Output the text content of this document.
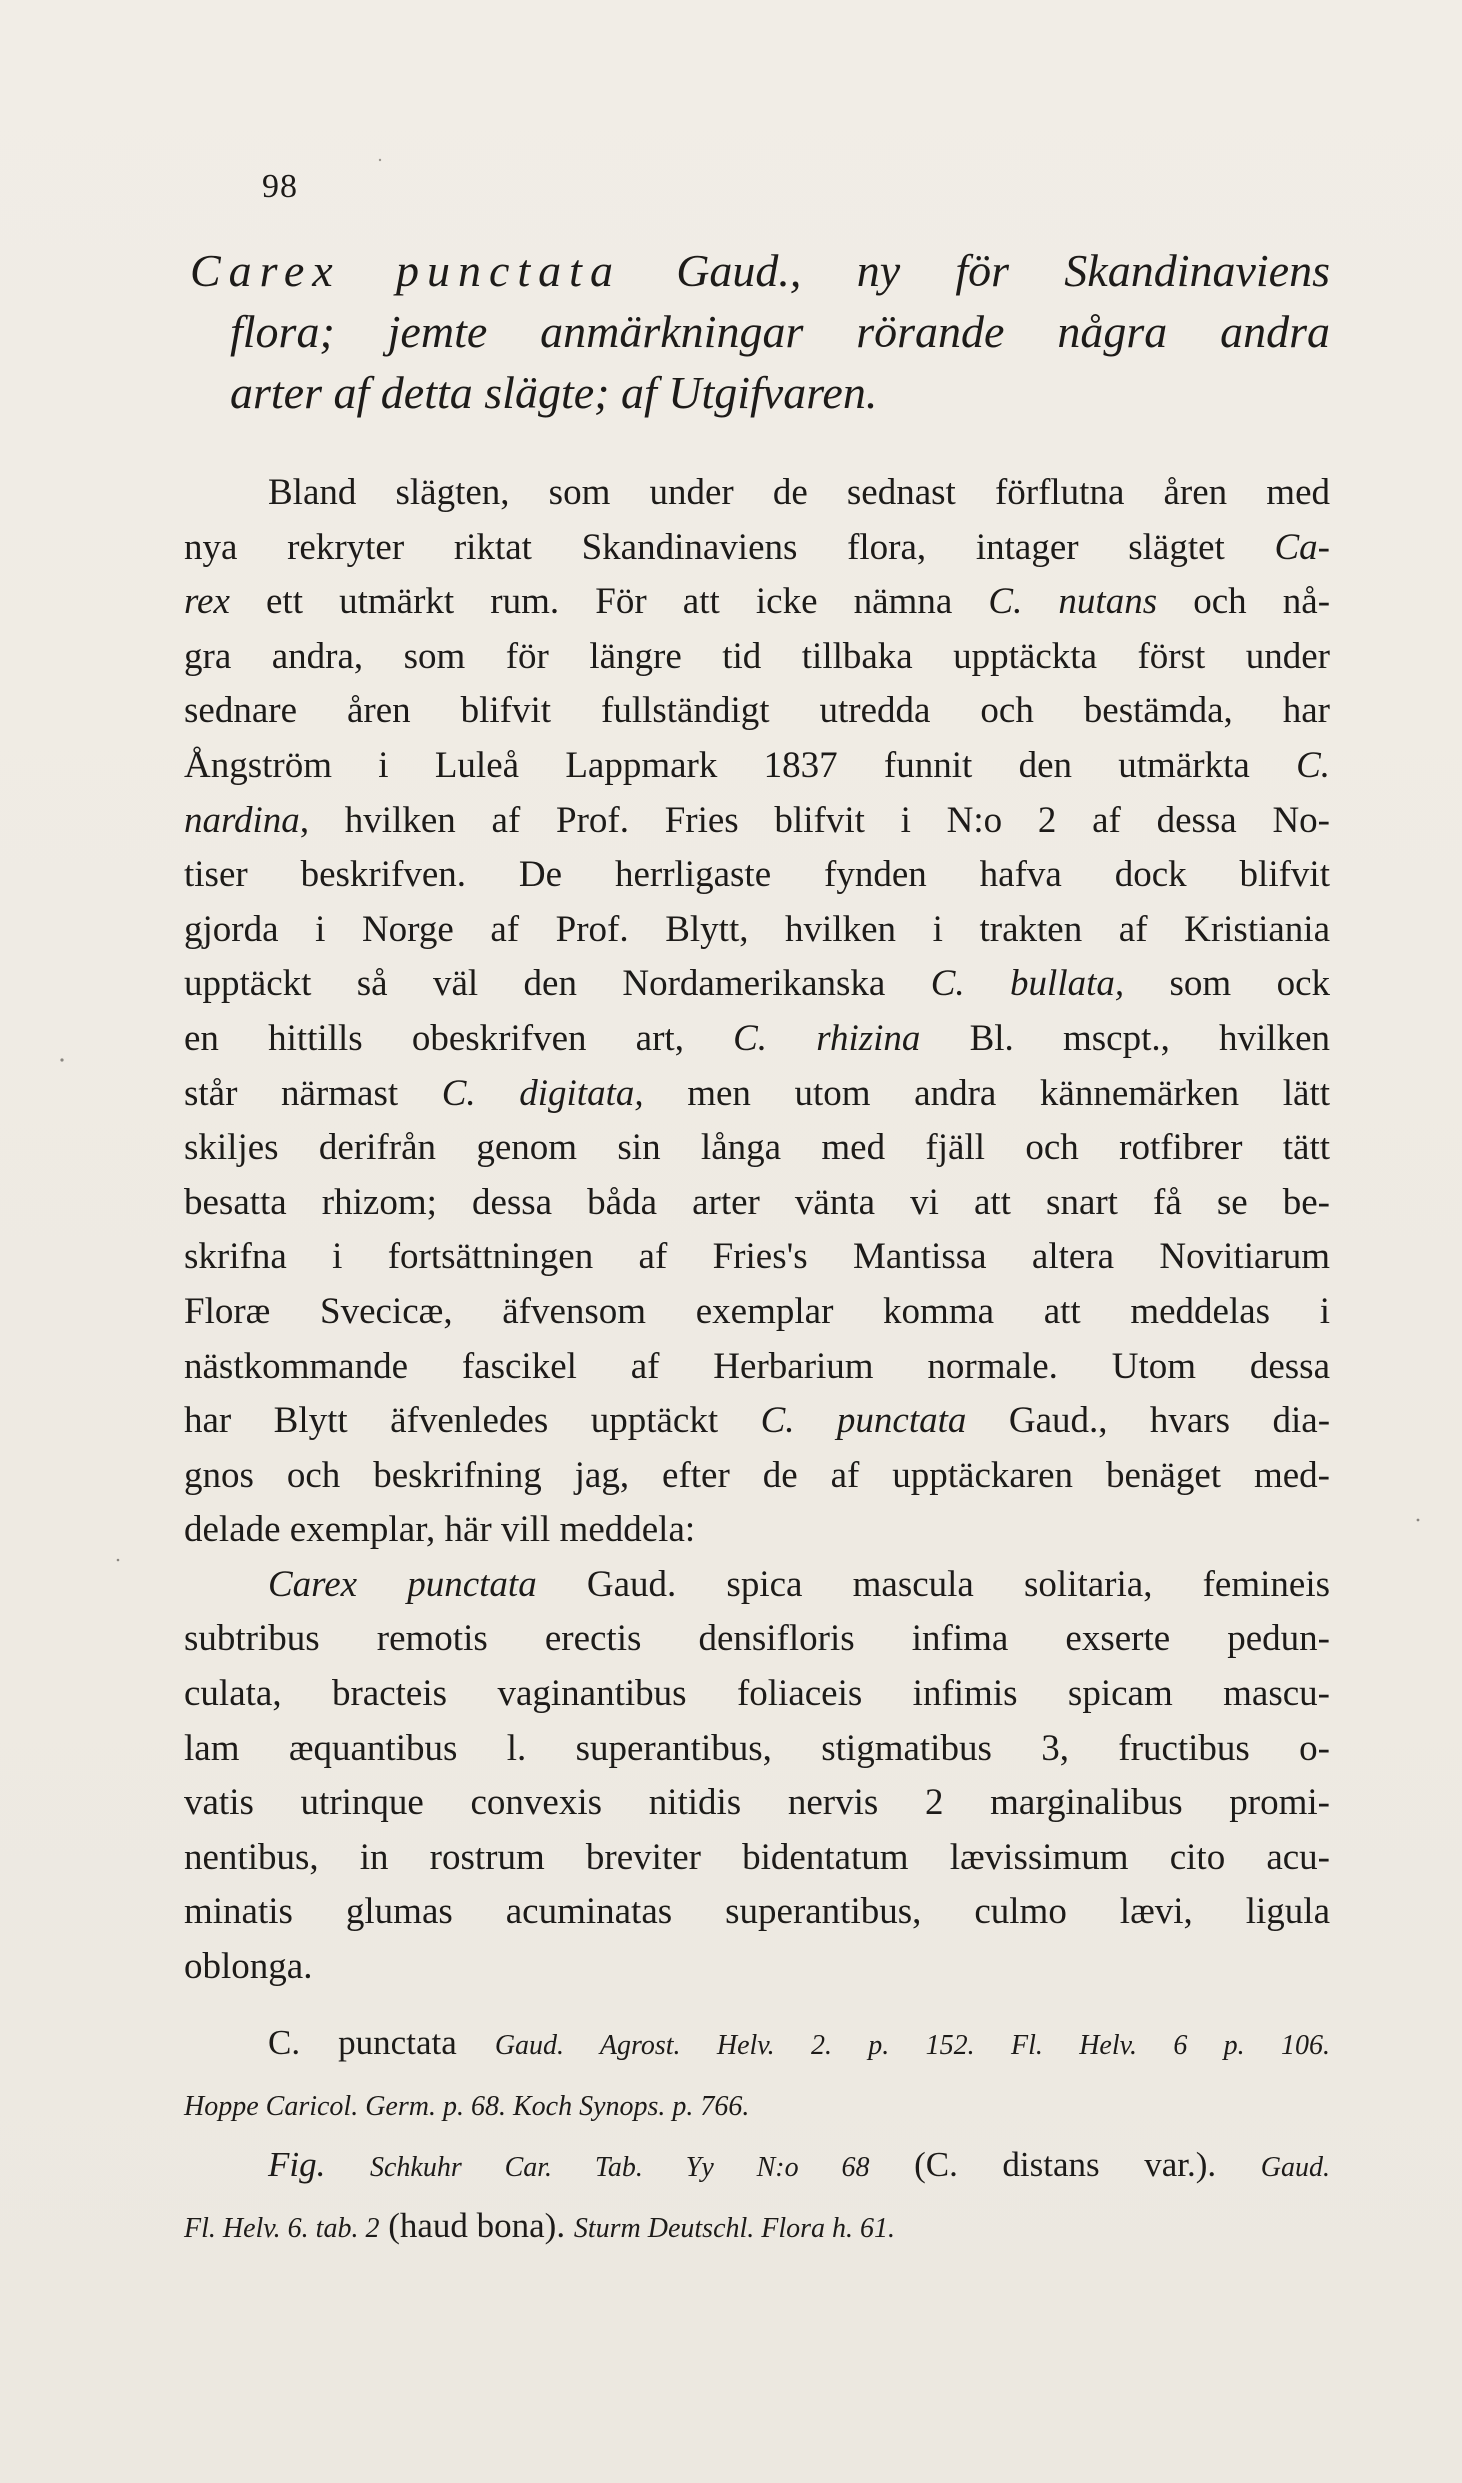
98
Carex punctata Gaud., ny för Skandinaviens
flora; jemte anmärkningar rörande några andra
arter af detta slägte; af Utgifvaren.
Bland slägten, som under de sednast förflutna åren med
nya rekryter riktat Skandinaviens flora, intager slägtet Ca-
rex ett utmärkt rum. För att icke nämna C. nutans och nå-
gra andra, som för längre tid tillbaka upptäckta först under
sednare åren blifvit fullständigt utredda och bestämda, har
Ångström i Luleå Lappmark 1837 funnit den utmärkta C.
nardina, hvilken af Prof. Fries blifvit i N:o 2 af dessa No-
tiser beskrifven. De herrligaste fynden hafva dock blifvit
gjorda i Norge af Prof. Blytt, hvilken i trakten af Kristiania
upptäckt så väl den Nordamerikanska C. bullata, som ock
en hittills obeskrifven art, C. rhizina Bl. mscpt., hvilken
står närmast C. digitata, men utom andra kännemärken lätt
skiljes derifrån genom sin långa med fjäll och rotfibrer tätt
besatta rhizom; dessa båda arter vänta vi att snart få se be-
skrifna i fortsättningen af Fries's Mantissa altera Novitiarum
Floræ Svecicæ, äfvensom exemplar komma att meddelas i
nästkommande fascikel af Herbarium normale. Utom dessa
har Blytt äfvenledes upptäckt C. punctata Gaud., hvars dia-
gnos och beskrifning jag, efter de af upptäckaren benäget med-
delade exemplar, här vill meddela:
Carex punctata Gaud. spica mascula solitaria, femineis
subtribus remotis erectis densifloris infima exserte pedun-
culata, bracteis vaginantibus foliaceis infimis spicam mascu-
lam æquantibus l. superantibus, stigmatibus 3, fructibus o-
vatis utrinque convexis nitidis nervis 2 marginalibus promi-
nentibus, in rostrum breviter bidentatum lævissimum cito acu-
minatis glumas acuminatas superantibus, culmo lævi, ligula
oblonga.
C. punctata Gaud. Agrost. Helv. 2. p. 152. Fl. Helv. 6 p. 106.
Hoppe Caricol. Germ. p. 68. Koch Synops. p. 766.
Fig. Schkuhr Car. Tab. Yy N:o 68 (C. distans var.). Gaud.
Fl. Helv. 6. tab. 2 (haud bona). Sturm Deutschl. Flora h. 61.
